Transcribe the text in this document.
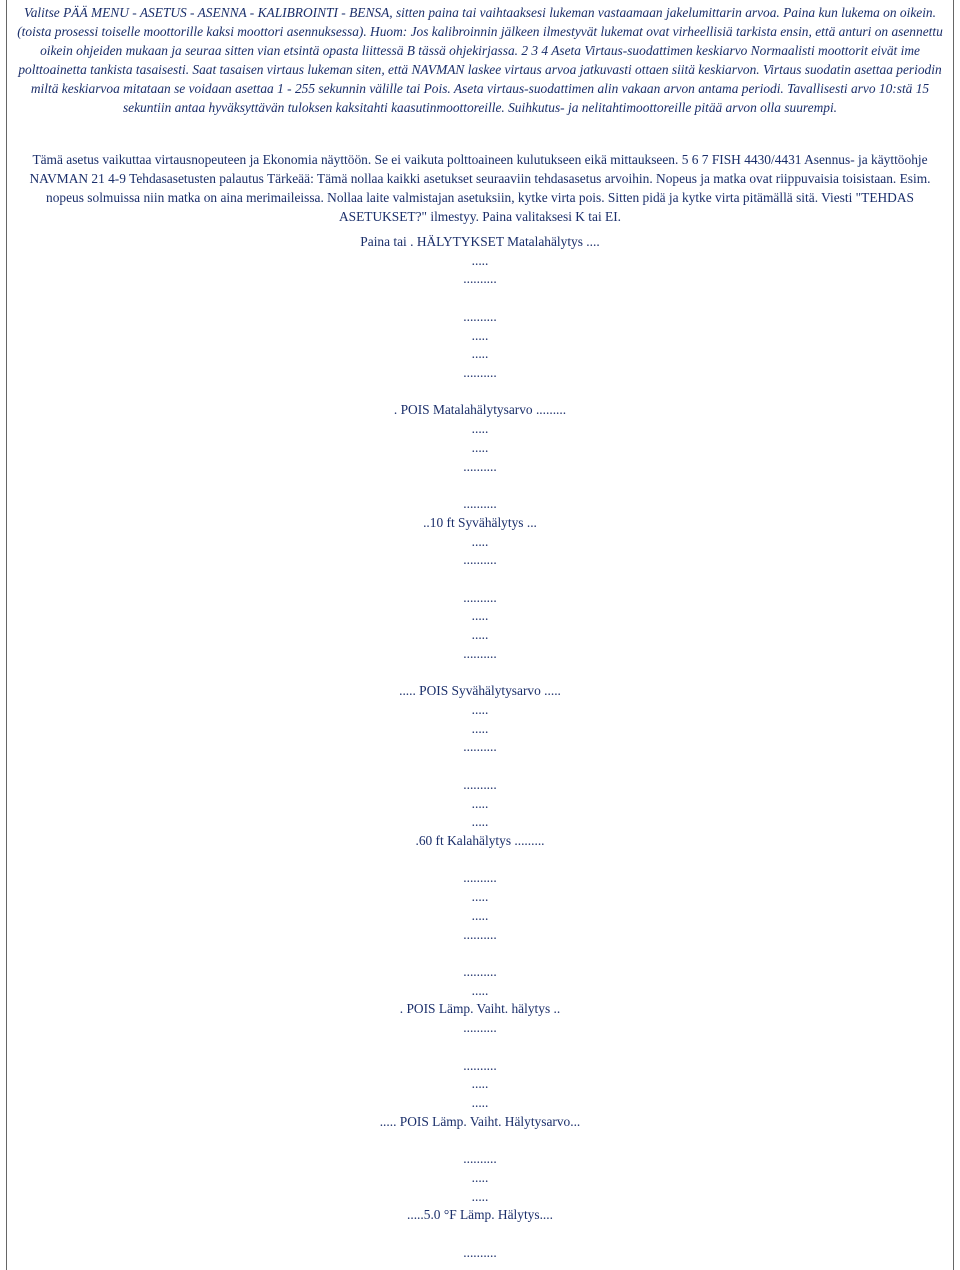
Valitse PÄÄ MENU - ASETUS - ASENNA - KALIBROINTI - BENSA, sitten paina tai vaihtaaksesi lukeman vastaamaan jakelumittarin arvoa. Paina kun lukema on oikein. (toista prosessi toiselle moottorille kaksi moottori asennuksessa). Huom: Jos kalibroinnin jälkeen ilmestyvät lukemat ovat virheellisiä tarkista ensin, että anturi on asennettu oikein ohjeiden mukaan ja seuraa sitten vian etsintä opasta liittessä B tässä ohjekirjassa. 2 3 4 Aseta Virtaus-suodattimen keskiarvo Normaalisti moottorit eivät ime polttoainetta tankista tasaisesti. Saat tasaisen virtaus lukeman siten, että NAVMAN laskee virtaus arvoa jatkuvasti ottaen siitä keskiarvon. Virtaus suodatin asettaa periodin miltä keskiarvoa mitataan se voidaan asettaa 1 - 255 sekunnin välille tai Pois. Aseta virtaus-suodattimen alin vakaan arvon antama periodi. Tavallisesti arvo 10:stä 15 sekuntiin antaa hyväksyttävän tuloksen kaksitahti kaasutinmoottoreille. Suihkutus- ja nelitahtimoottoreille pitää arvon olla suurempi.
Tämä asetus vaikuttaa virtausnopeuteen ja Ekonomia näyttöön. Se ei vaikuta polttoaineen kulutukseen eikä mittaukseen. 5 6 7 FISH 4430/4431 Asennus- ja käyttöohje NAVMAN 21 4-9 Tehdasasetusten palautus Tärkeää: Tämä nollaa kaikki asetukset seuraaviin tehdasasetus arvoihin. Nopeus ja matka ovat riippuvaisia toisistaan. Esim. nopeus solmuissa niin matka on aina merimaileissa. Nollaa laite valmistajan asetuksiin, kytke virta pois. Sitten pidä ja kytke virta pitämällä sitä. Viesti "TEHDAS ASETUKSET?" ilmestyy. Paina valitaksesi K tai EI.
Paina tai . HÄLYTYKSET Matalahälytys ....
.....
..........
..........
.....
.....
..........
. POIS Matalahälytysarvo .........
.....
.....
..........
..........
..10 ft Syvähälytys ...
.....
..........
..........
.....
.....
..........
..... POIS Syvähälytysarvo .....
.....
.....
..........
..........
.....
.....
.60 ft Kalahälytys .........
..........
.....
.....
..........
..........
.....
. POIS Lämp. Vaiht. hälytys ..
..........
..........
.....
.....
..... POIS Lämp. Vaiht. Hälytysarvo...
..........
.....
.....
.....5.0 °F Lämp. Hälytys....
..........
